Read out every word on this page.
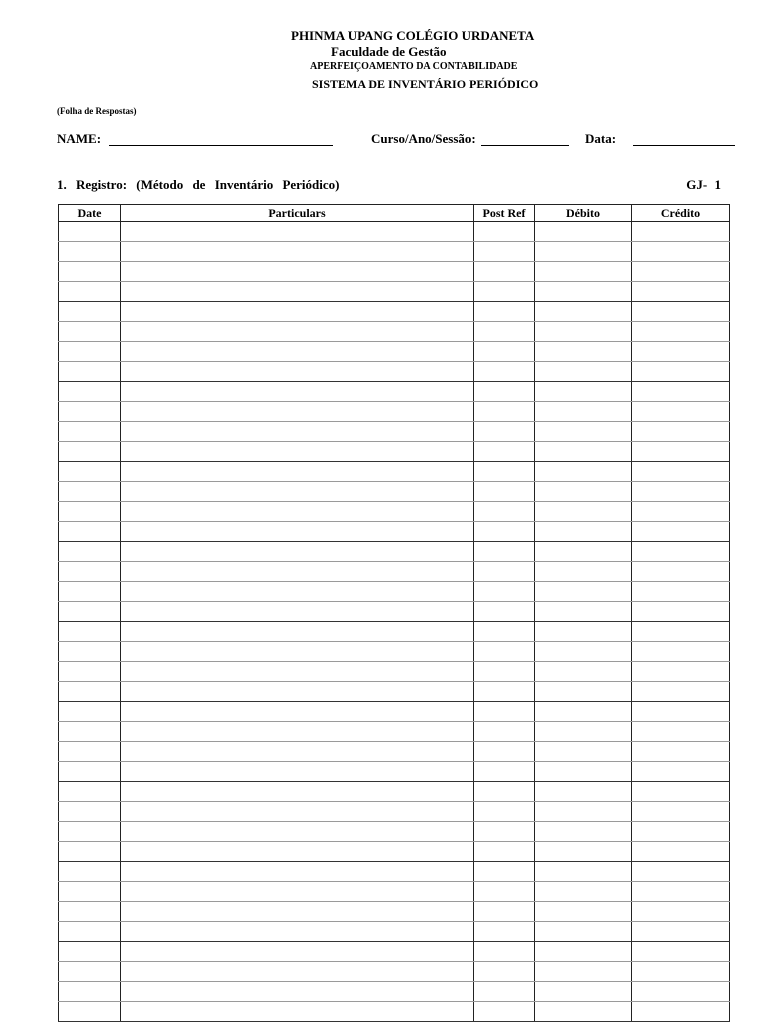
PHINMA UPANG COLÉGIO URDANETA
Faculdade de Gestão
APERFEIÇOAMENTO DA CONTABILIDADE
SISTEMA DE INVENTÁRIO PERIÓDICO
(Folha de Respostas)
NAME:	Curso/Ano/Sessão:	Data:
1. Registro: (Método de Inventário Periódico)	GJ- 1
Date	Particulars	Post Ref	Débito	Crédito
